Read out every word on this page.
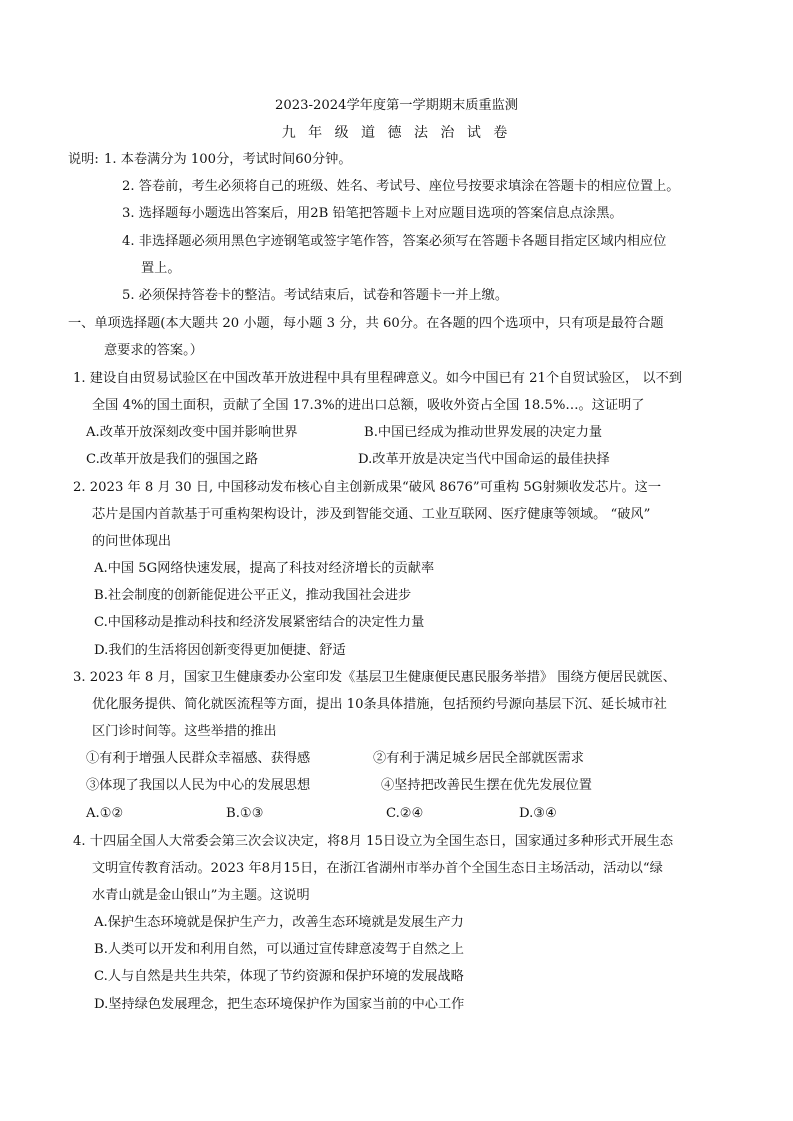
2023-2024学年度第一学期期末质重监测
九 年 级 道 德 法 治 试 卷
说明: 1. 本卷满分为 100分，考试时间60分钟。
2. 答卷前，考生必须将自己的班级、姓名、考试号、座位号按要求填涂在答题卡的相应位置上。
3. 选择题每小题选出答案后，用2B 铅笔把答题卡上对应题目选项的答案信息点涂黑。
4. 非选择题必须用黑色字迹钢笔或签字笔作答，答案必须写在答题卡各题目指定区域内相应位
置上。
5. 必须保持答卷卡的整洁。考试结束后，试卷和答题卡一并上缴。
一、单项选择题(本大题共 20 小题，每小题 3 分，共 60分。在各题的四个选项中，只有项是最符合题
意要求的答案。）
1. 建设自由贸易试验区在中国改革开放进程中具有里程碑意义。如今中国已有 21个自贸试验区， 以不到
全国 4%的国土面积，贡献了全国 17.3%的进出口总额，吸收外资占全国 18.5%…。这证明了
A.改革开放深刻改变中国并影响世界	B.中国已经成为推动世界发展的决定力量
C.改革开放是我们的强国之路	D.改革开放是决定当代中国命运的最佳抉择
2. 2023 年 8 月 30 日, 中国移动发布核心自主创新成果“破风 8676”可重构 5G射频收发芯片。这一
芯片是国内首款基于可重构架构设计，涉及到智能交通、工业互联网、医疗健康等领域。 “破风”
的问世体现出
A.中国 5G网络快速发展，提高了科技对经济增长的贡献率
B.社会制度的创新能促进公平正义，推动我国社会进步
C.中国移动是推动科技和经济发展紧密结合的决定性力量
D.我们的生活将因创新变得更加便捷、舒适
3. 2023 年 8 月，国家卫生健康委办公室印发《基层卫生健康便民惠民服务举措》 围绕方便居民就医、
优化服务提供、简化就医流程等方面，提出 10条具体措施，包括预约号源向基层下沉、延长城市社
区门诊时间等。这些举措的推出
①有利于增强人民群众幸福感、获得感	②有利于满足城乡居民全部就医需求
③体现了我国以人民为中心的发展思想	④坚持把改善民生摆在优先发展位置
A.①②	B.①③	C.②④	D.③④
4. 十四届全国人大常委会第三次会议决定，将8月 15日设立为全国生态日，国家通过多种形式开展生态
文明宣传教育活动。2023 年8月15日，在浙江省湖州市举办首个全国生态日主场活动，活动以“绿
水青山就是金山银山”为主题。这说明
A.保护生态环境就是保护生产力，改善生态环境就是发展生产力
B.人类可以开发和利用自然，可以通过宣传肆意凌驾于自然之上
C.人与自然是共生共荣，体现了节约资源和保护环境的发展战略
D.坚持绿色发展理念，把生态环境保护作为国家当前的中心工作
